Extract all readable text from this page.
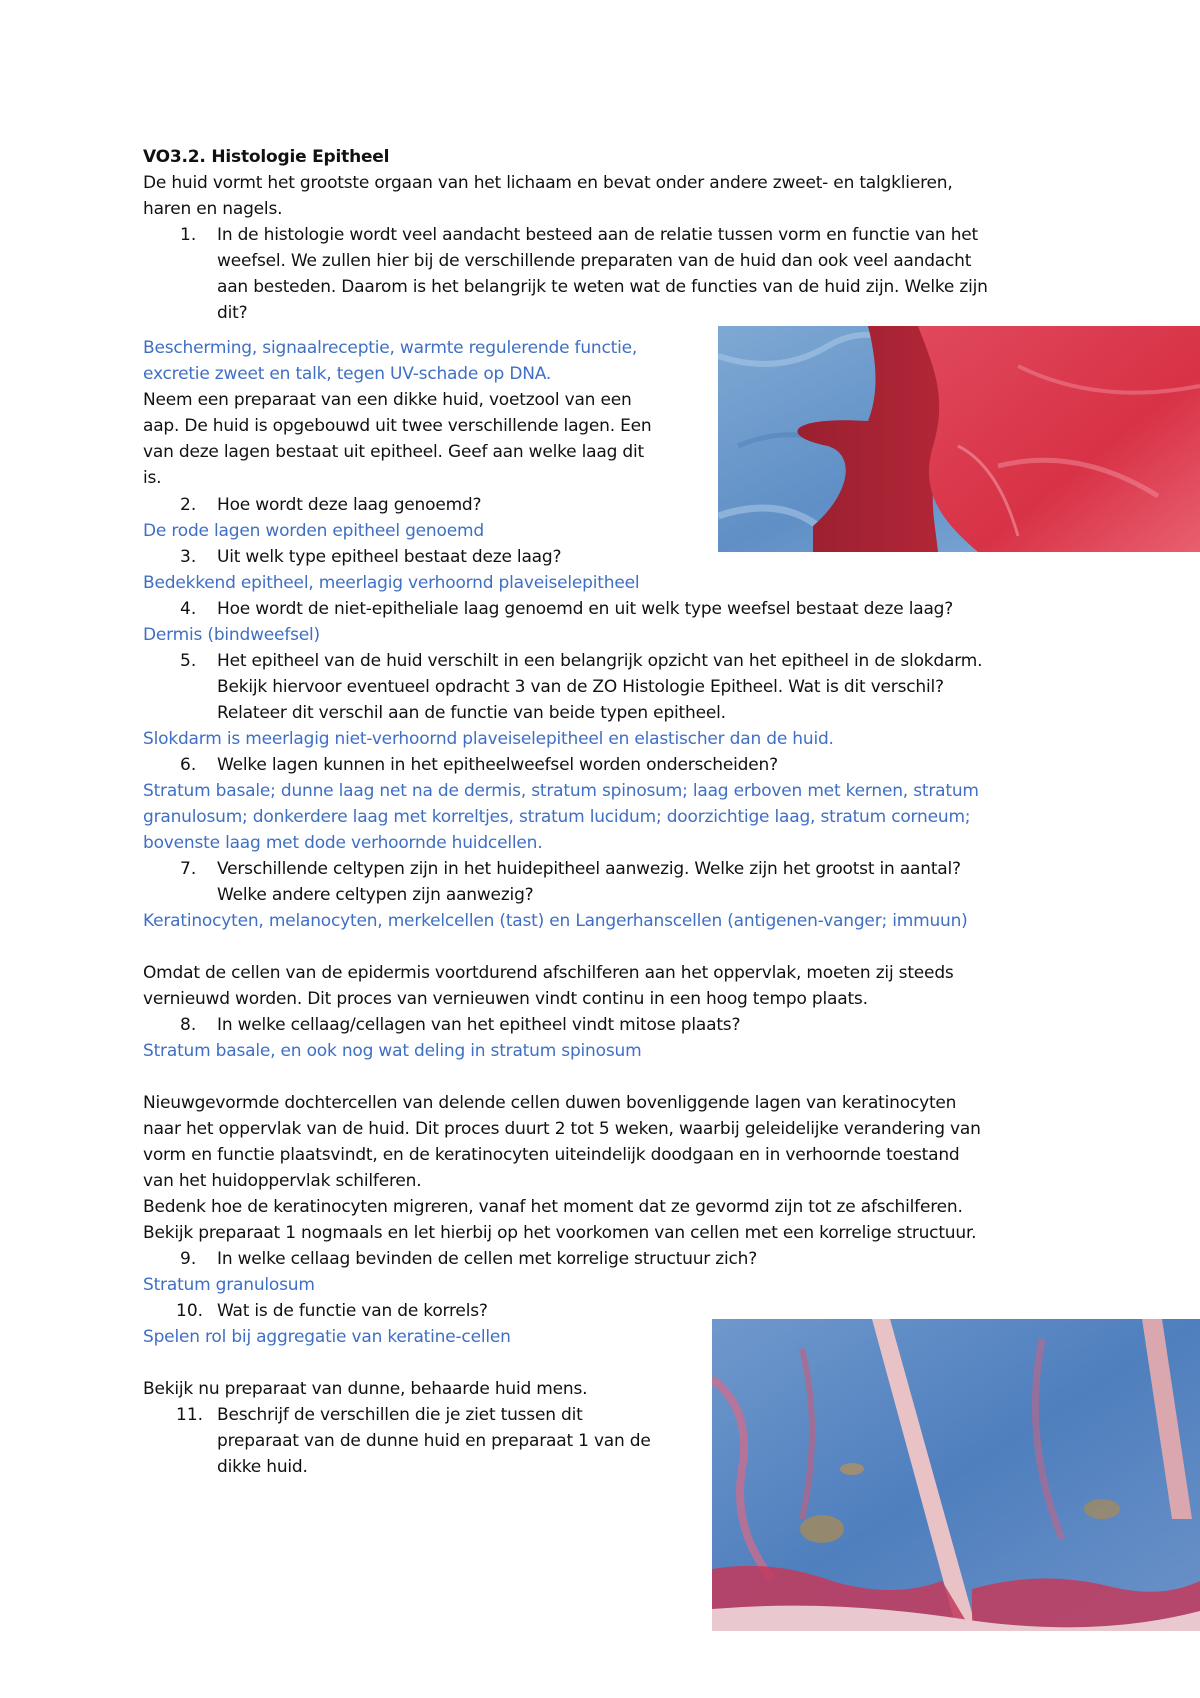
VO3.2. Histologie Epitheel
De huid vormt het grootste orgaan van het lichaam en bevat onder andere zweet- en talgklieren,
haren en nagels.
1. In de histologie wordt veel aandacht besteed aan de relatie tussen vorm en functie van het
weefsel. We zullen hier bij de verschillende preparaten van de huid dan ook veel aandacht
aan besteden. Daarom is het belangrijk te weten wat de functies van de huid zijn. Welke zijn
dit?
Bescherming, signaalreceptie, warmte regulerende functie,
excretie zweet en talk, tegen UV-schade op DNA.
Neem een preparaat van een dikke huid, voetzool van een
aap. De huid is opgebouwd uit twee verschillende lagen. Een
van deze lagen bestaat uit epitheel. Geef aan welke laag dit
is.
2. Hoe wordt deze laag genoemd?
De rode lagen worden epitheel genoemd
3. Uit welk type epitheel bestaat deze laag?
Bedekkend epitheel, meerlagig verhoornd plaveiselepitheel
4. Hoe wordt de niet-epitheliale laag genoemd en uit welk type weefsel bestaat deze laag?
Dermis (bindweefsel)
5. Het epitheel van de huid verschilt in een belangrijk opzicht van het epitheel in de slokdarm.
Bekijk hiervoor eventueel opdracht 3 van de ZO Histologie Epitheel. Wat is dit verschil?
Relateer dit verschil aan de functie van beide typen epitheel.
Slokdarm is meerlagig niet-verhoornd plaveiselepitheel en elastischer dan de huid.
6. Welke lagen kunnen in het epitheelweefsel worden onderscheiden?
Stratum basale; dunne laag net na de dermis, stratum spinosum; laag erboven met kernen, stratum
granulosum; donkerdere laag met korreltjes, stratum lucidum; doorzichtige laag, stratum corneum;
bovenste laag met dode verhoornde huidcellen.
7. Verschillende celtypen zijn in het huidepitheel aanwezig. Welke zijn het grootst in aantal?
Welke andere celtypen zijn aanwezig?
Keratinocyten, melanocyten, merkelcellen (tast) en Langerhanscellen (antigenen-vanger; immuun)
Omdat de cellen van de epidermis voortdurend afschilferen aan het oppervlak, moeten zij steeds
vernieuwd worden. Dit proces van vernieuwen vindt continu in een hoog tempo plaats.
8. In welke cellaag/cellagen van het epitheel vindt mitose plaats?
Stratum basale, en ook nog wat deling in stratum spinosum
Nieuwgevormde dochtercellen van delende cellen duwen bovenliggende lagen van keratinocyten
naar het oppervlak van de huid. Dit proces duurt 2 tot 5 weken, waarbij geleidelijke verandering van
vorm en functie plaatsvindt, en de keratinocyten uiteindelijk doodgaan en in verhoornde toestand
van het huidoppervlak schilferen.
Bedenk hoe de keratinocyten migreren, vanaf het moment dat ze gevormd zijn tot ze afschilferen.
Bekijk preparaat 1 nogmaals en let hierbij op het voorkomen van cellen met een korrelige structuur.
9. In welke cellaag bevinden de cellen met korrelige structuur zich?
Stratum granulosum
10. Wat is de functie van de korrels?
Spelen rol bij aggregatie van keratine-cellen
Bekijk nu preparaat van dunne, behaarde huid mens.
11. Beschrijf de verschillen die je ziet tussen dit
preparaat van de dunne huid en preparaat 1 van de
dikke huid.
